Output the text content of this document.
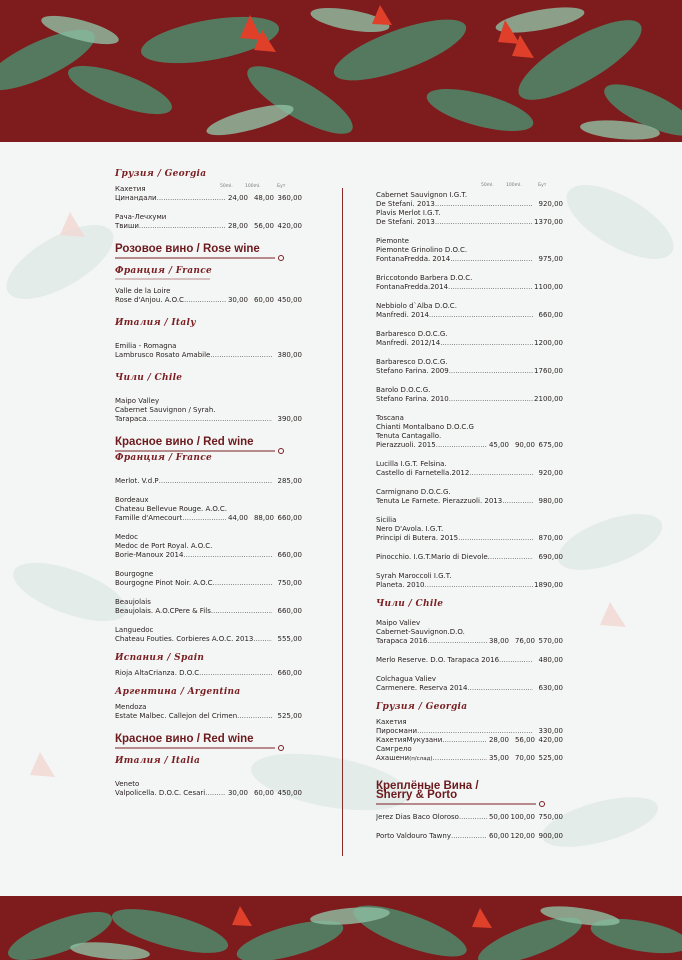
Грузия / Georgia

50ml.	100ml.	Бут
Кахетия
Цинандали .....	24,00 48,00 360,00
Рача-Лечхуми
Твиши .....	28,00 56,00 420,00

Розовое вино / Rose wine

Франция / France

Valle de la Loire
Rose d'Anjou. A.O.C .....	30,00 60,00 450,00

Италия / Italy

Emilia - Romagna
Lambrusco Rosato Amabile .....	380,00

Чили / Chile

Maipo Valley
Cabernet Sauvignon / Syrah.
Tarapaca .....	390,00

Красное вино / Red wine

Франция / France

Merlot. V.d.P .....	285,00
Bordeaux
Chateau Bellevue Rouge. A.O.C.
Famille d'Amecourt .....	44,00 88,00 660,00
Medoc
Medoc de Port Royal. A.O.C.
Borie-Manoux 2014 .....	660,00
Bourgogne
Bourgogne Pinot Noir. A.O.C .....	750,00
Beaujolais
Beaujolais. A.O.CPere & Fils .....	660,00
Languedoc
Chateau Fouties. Corbieres A.O.C. 2013 .....	555,00

Испания / Spain

Rioja AltaCrianza. D.O.C .....	660,00

Аргентина / Argentina

Mendoza
Estate Malbec. Callejon del Crimen .....	525,00

Красное вино / Red wine

Италия / Italia

Veneto
Valpolicella. D.O.C. Cesari .....	30,00 60,00 450,00
50ml.	100ml.	Бут
Cabernet Sauvignon I.G.T.
De Stefani. 2013 .....	920,00
Plavis Merlot I.G.T.
De Stefani. 2013 .....	1370,00
Piemonte
Piemonte Grinolino D.O.C.
FontanaFredda. 2014 .....	975,00
Briccotondo Barbera D.O.C.
FontanaFredda.2014 .....	1100,00
Nebbiolo d`Alba D.O.C.
Manfredi. 2014 .....	660,00
Barbaresco D.O.C.G.
Manfredi. 2012/14 .....	1200,00
Barbaresco D.O.C.G.
Stefano Farina. 2009 .....	1760,00
Barolo D.O.C.G.
Stefano Farina. 2010 .....	2100,00
Toscana
Chianti Montalbano D.O.C.G
Tenuta Cantagallo.
Pierazzuoli. 2015 .....	45,00 90,00 675,00
Lucilla I.G.T. Felsina.
Castello di Farnetella.2012 .....	920,00
Carmignano D.O.C.G.
Tenuta Le Farnete. Pierazzuoli. 2013 .....	980,00
Sicilia
Nero D'Avola. I.G.T.
Principi di Butera. 2015 .....	870,00
Pinocchio. I.G.T.Mario di Dievole. .....	690,00
Syrah Maroccoli I.G.T.
Planeta. 2010 .....	1890,00

Чили / Chile

Maipo Valiev
Cabernet-Sauvignon.D.O.
Tarapaca 2016 .....	38,00 76,00 570,00
Merlo Reserve. D.O. Tarapaca 2016 .....	480,00
Colchagua Valiev
Carmenere. Reserva 2014 .....	630,00

Грузия / Georgia

Кахетия
Пиросмани .....	330,00
КахетияМукузани .....	28,00 56,00 420,00
Самгрело
Ахашени(п/слад) .....	35,00 70,00 525,00

Креплёные Вина /

Sherry & Porto

Jerez Dias Baco Oloroso .....	50,00 100,00 750,00
Porto Valdouro Tawny .....	60,00 120,00 900,00
